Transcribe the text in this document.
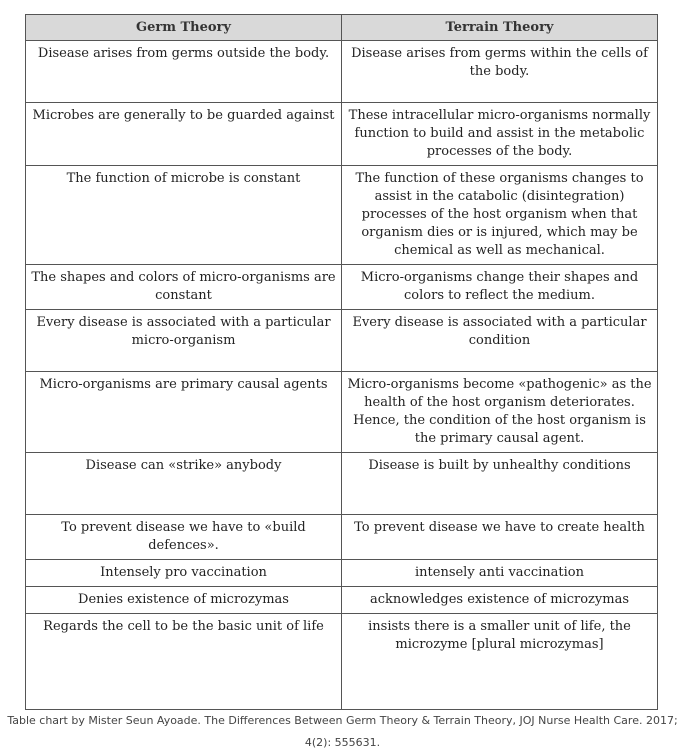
Germ Theory	Terrain Theory
Disease arises from germs outside the body.	Disease arises from germs within the cells of the body.
Microbes are generally to be guarded against	These intracellular micro-organisms normally function to build and assist in the metabolic processes of the body.
The function of microbe is constant	The function of these organisms changes to assist in the catabolic (disintegration) processes of the host organism when that organism dies or is injured, which may be chemical as well as mechanical.
The shapes and colors of micro-organisms are constant	Micro-organisms change their shapes and colors to reflect the medium.
Every disease is associated with a particular micro-organism	Every disease is associated with a particular condition
Micro-organisms are primary causal agents	Micro-organisms become «pathogenic» as the health of the host organism deteriorates. Hence, the condition of the host organism is the primary causal agent.
Disease can «strike» anybody	Disease is built by unhealthy conditions
To prevent disease we have to «build defences».	To prevent disease we have to create health
Intensely pro vaccination	intensely anti vaccination
Denies existence of microzymas	acknowledges existence of microzymas
Regards the cell to be the basic unit of life	insists there is a smaller unit of life, the microzyme [plural microzymas]
Table chart by Mister Seun Ayoade. The Differences Between Germ Theory & Terrain Theory, JOJ Nurse Health Care. 2017; 4(2): 555631.
